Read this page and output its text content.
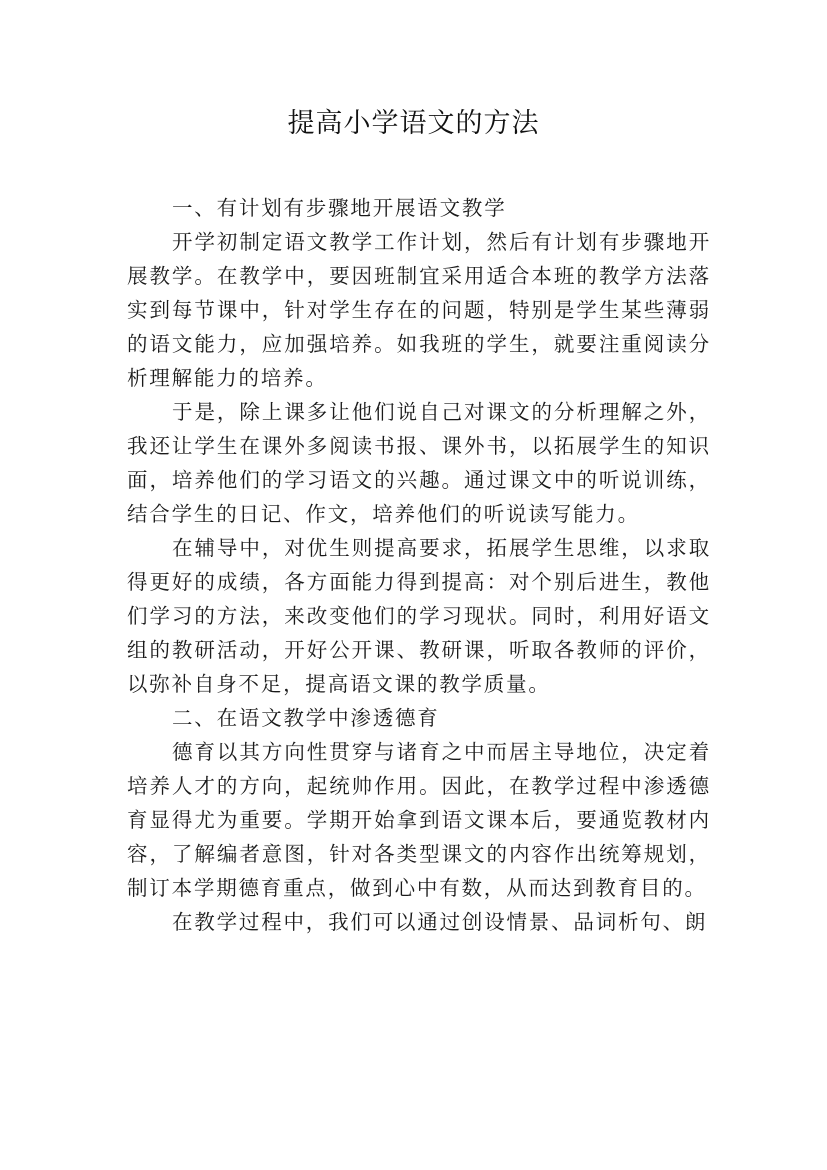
提高小学语文的方法

一、有计划有步骤地开展语文教学

开学初制定语文教学工作计划，然后有计划有步骤地开展教学。在教学中，要因班制宜采用适合本班的教学方法落实到每节课中，针对学生存在的问题，特别是学生某些薄弱的语文能力，应加强培养。如我班的学生，就要注重阅读分析理解能力的培养。

于是，除上课多让他们说自己对课文的分析理解之外，我还让学生在课外多阅读书报、课外书，以拓展学生的知识面，培养他们的学习语文的兴趣。通过课文中的听说训练，结合学生的日记、作文，培养他们的听说读写能力。

在辅导中，对优生则提高要求，拓展学生思维，以求取得更好的成绩，各方面能力得到提高：对个别后进生，教他们学习的方法，来改变他们的学习现状。同时，利用好语文组的教研活动，开好公开课、教研课，听取各教师的评价，以弥补自身不足，提高语文课的教学质量。

二、在语文教学中渗透德育

德育以其方向性贯穿与诸育之中而居主导地位，决定着培养人才的方向，起统帅作用。因此，在教学过程中渗透德育显得尤为重要。学期开始拿到语文课本后，要通览教材内容，了解编者意图，针对各类型课文的内容作出统筹规划，制订本学期德育重点，做到心中有数，从而达到教育目的。

在教学过程中，我们可以通过创设情景、品词析句、朗
